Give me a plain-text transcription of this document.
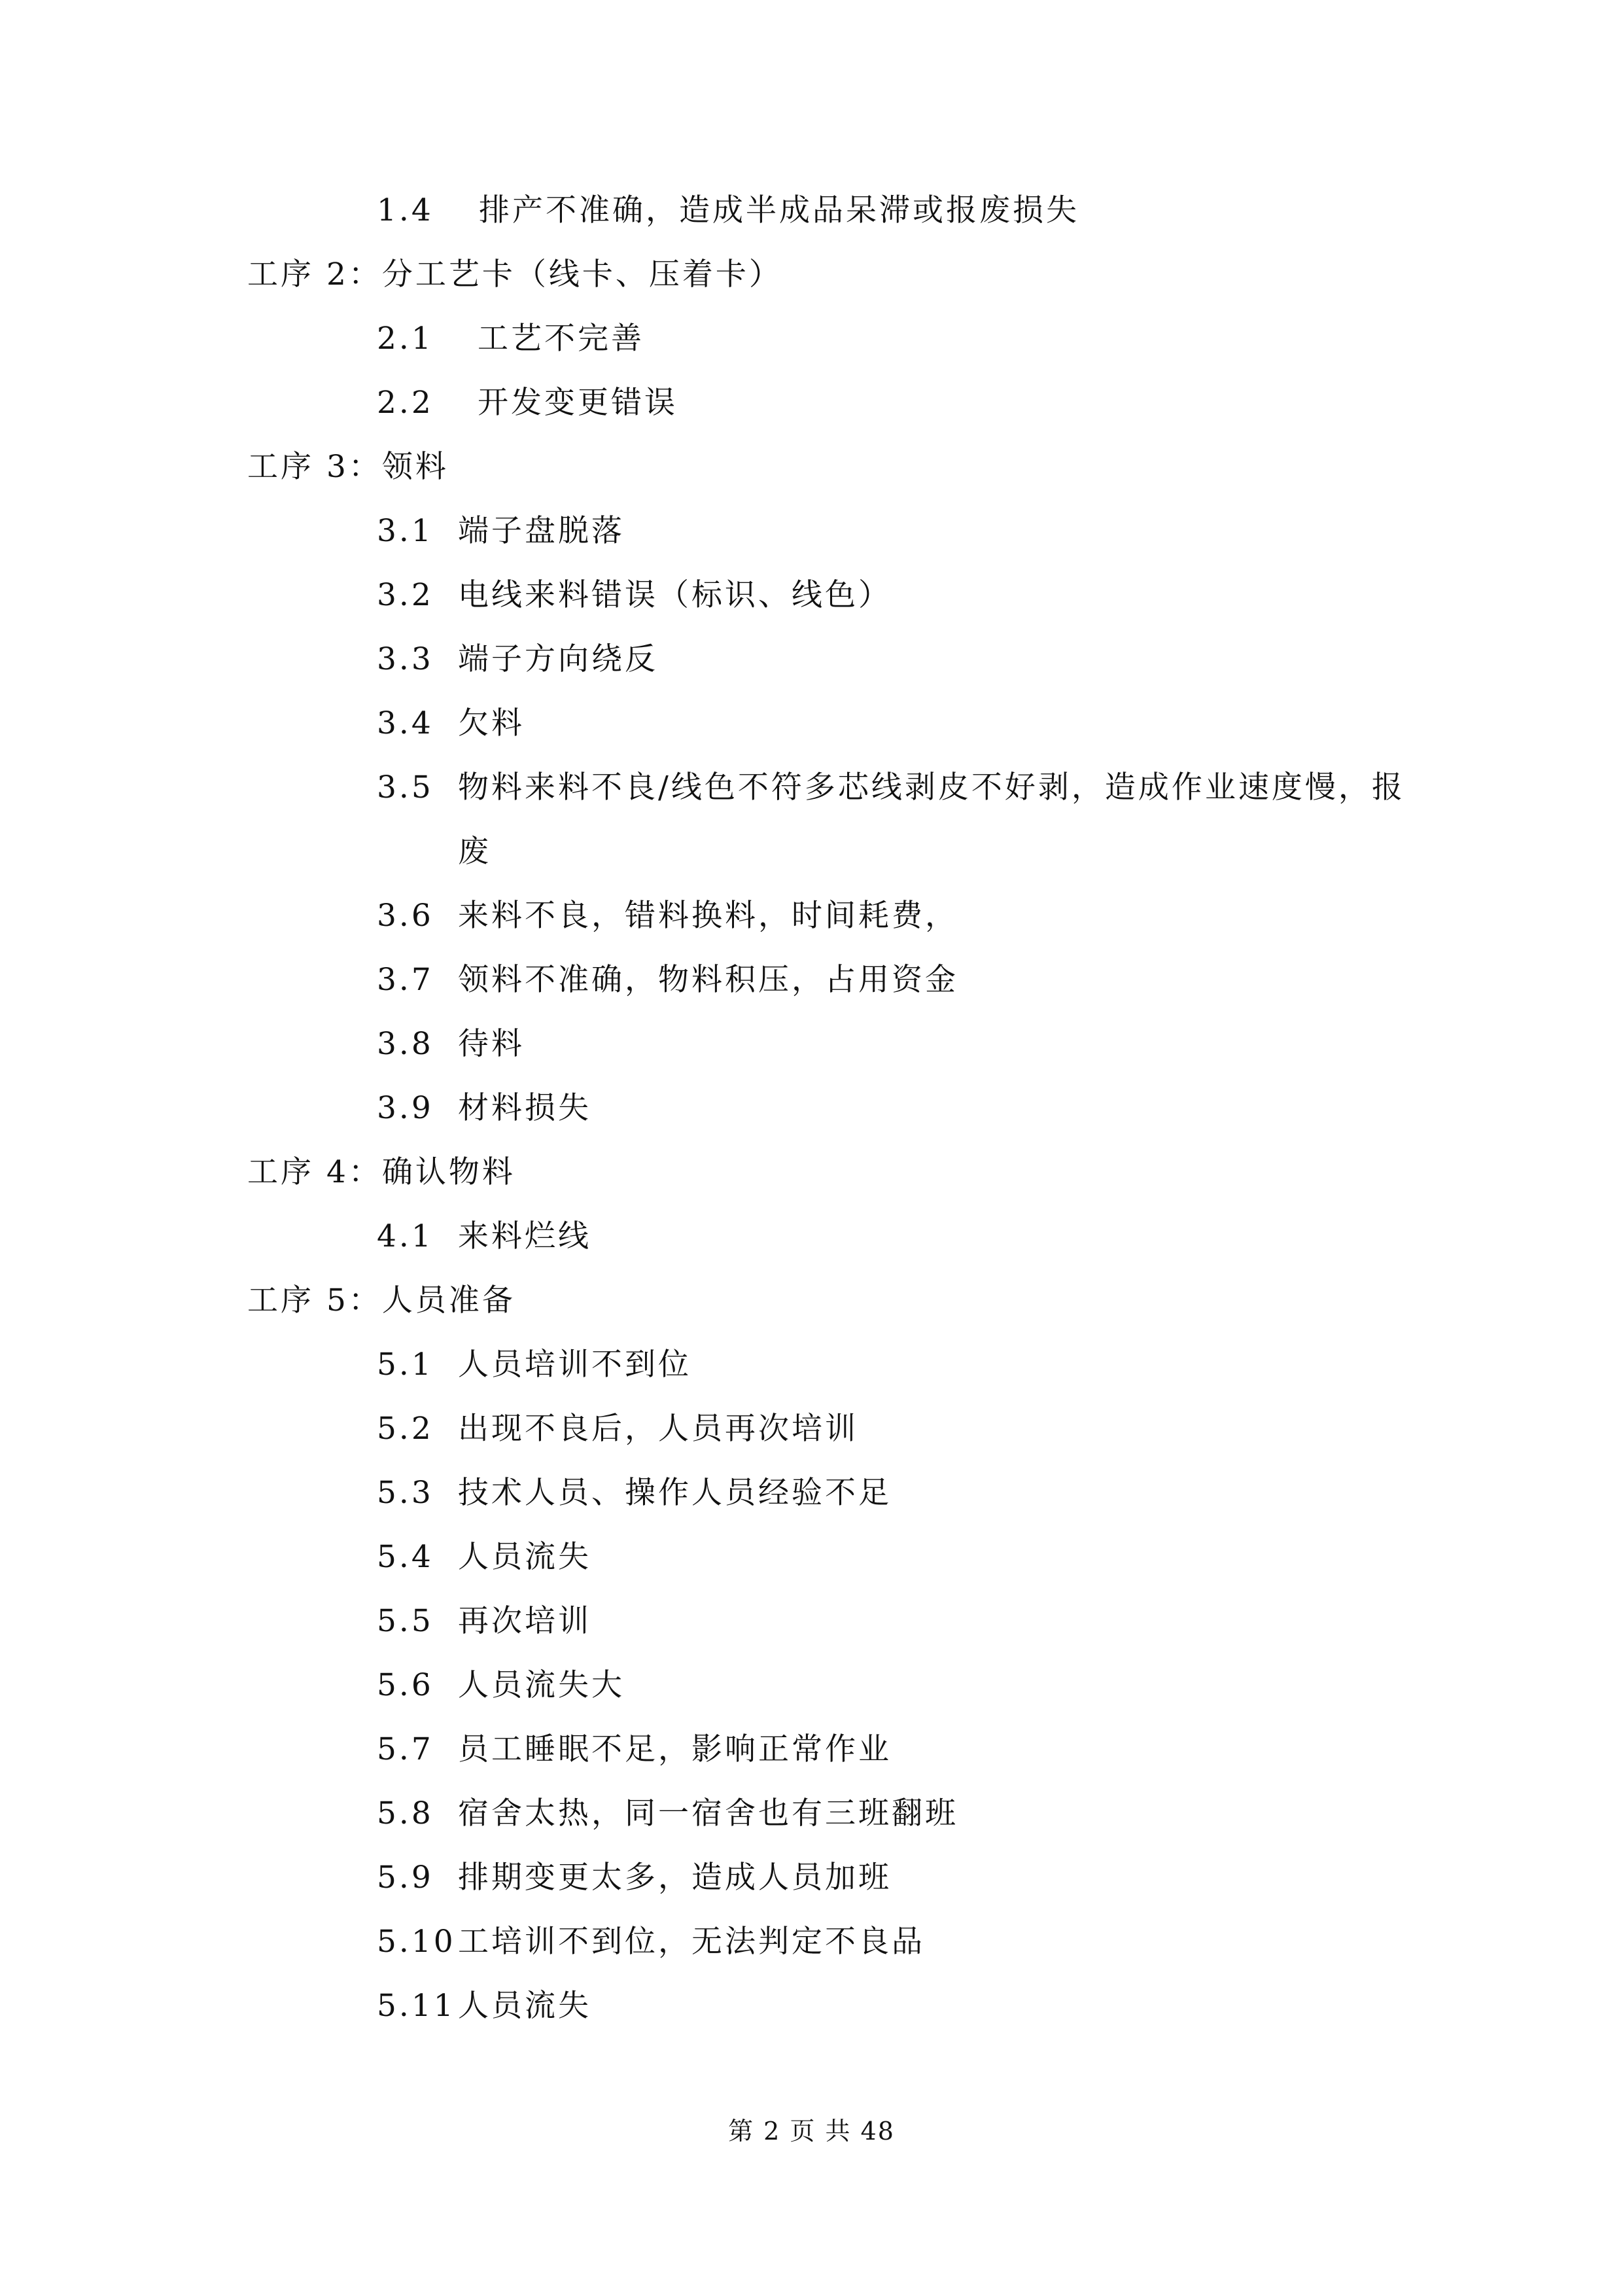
1.4 排产不准确，造成半成品呆滞或报废损失
工序 2：分工艺卡（线卡、压着卡）
2.1 工艺不完善
2.2 开发变更错误
工序 3：领料
3.1 端子盘脱落
3.2 电线来料错误（标识、线色）
3.3 端子方向绕反
3.4 欠料
3.5 物料来料不良/线色不符多芯线剥皮不好剥，造成作业速度慢，报
废
3.6 来料不良，错料换料，时间耗费，
3.7 领料不准确，物料积压，占用资金
3.8 待料
3.9 材料损失
工序 4：确认物料
4.1 来料烂线
工序 5：人员准备
5.1 人员培训不到位
5.2 出现不良后，人员再次培训
5.3 技术人员、操作人员经验不足
5.4 人员流失
5.5 再次培训
5.6 人员流失大
5.7 员工睡眠不足，影响正常作业
5.8 宿舍太热，同一宿舍也有三班翻班
5.9 排期变更太多，造成人员加班
5.10 工培训不到位，无法判定不良品
5.11 人员流失
第 2 页 共 48
